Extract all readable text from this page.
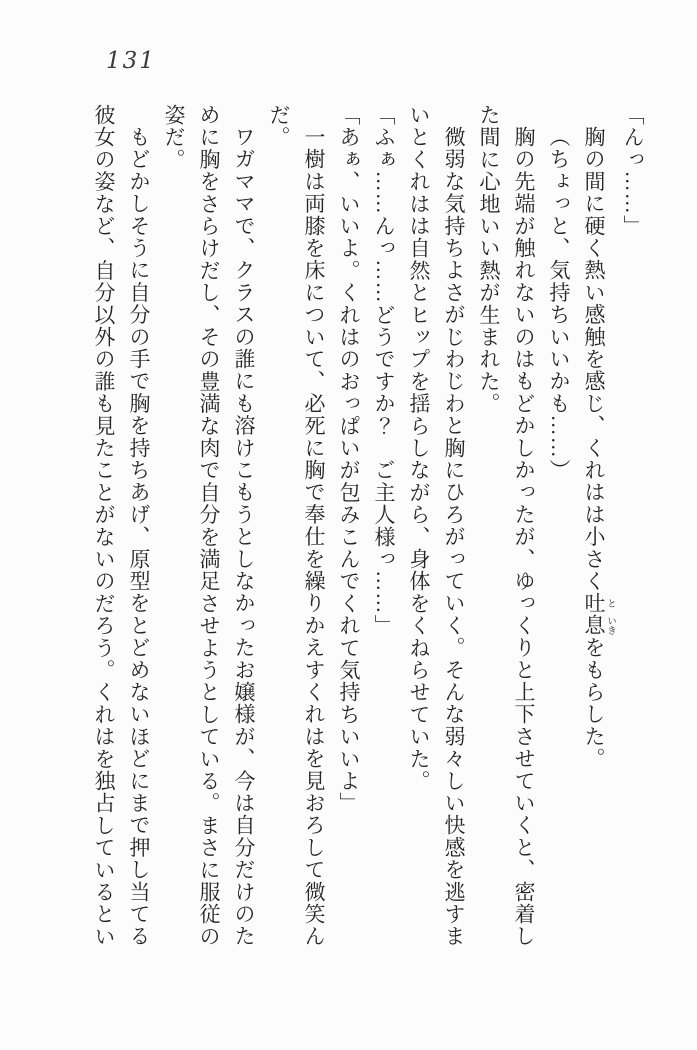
131
「んっ……」
胸の間に硬く熱い感触を感じ、くれはは小さく吐 と息 いきをもらした。
（ちょっと、気持ちいいかも……）
胸の先端が触れないのはもどかしかったが、ゆっくりと上下させていくと、密着し
た間に心地いい熱が生まれた。
微弱な気持ちよさがじわじわと胸にひろがっていく。そんな弱々しい快感を逃すま
いとくれはは自然とヒップを揺らしながら、身体をくねらせていた。
「ふぁ……んっ……どうですか？　ご主人様っ……」
「あぁ、いいよ。くれはのおっぱいが包みこんでくれて気持ちいいよ」
一樹は両膝を床について、必死に胸で奉仕を繰りかえすくれはを見おろして微笑ん
だ。
ワガママで、クラスの誰にも溶けこもうとしなかったお嬢様が、今は自分だけのた
めに胸をさらけだし、その豊満な肉で自分を満足させようとしている。まさに服従の
姿だ。
もどかしそうに自分の手で胸を持ちあげ、原型をとどめないほどにまで押し当てる
彼女の姿など、自分以外の誰も見たことがないのだろう。くれはを独占しているとい
